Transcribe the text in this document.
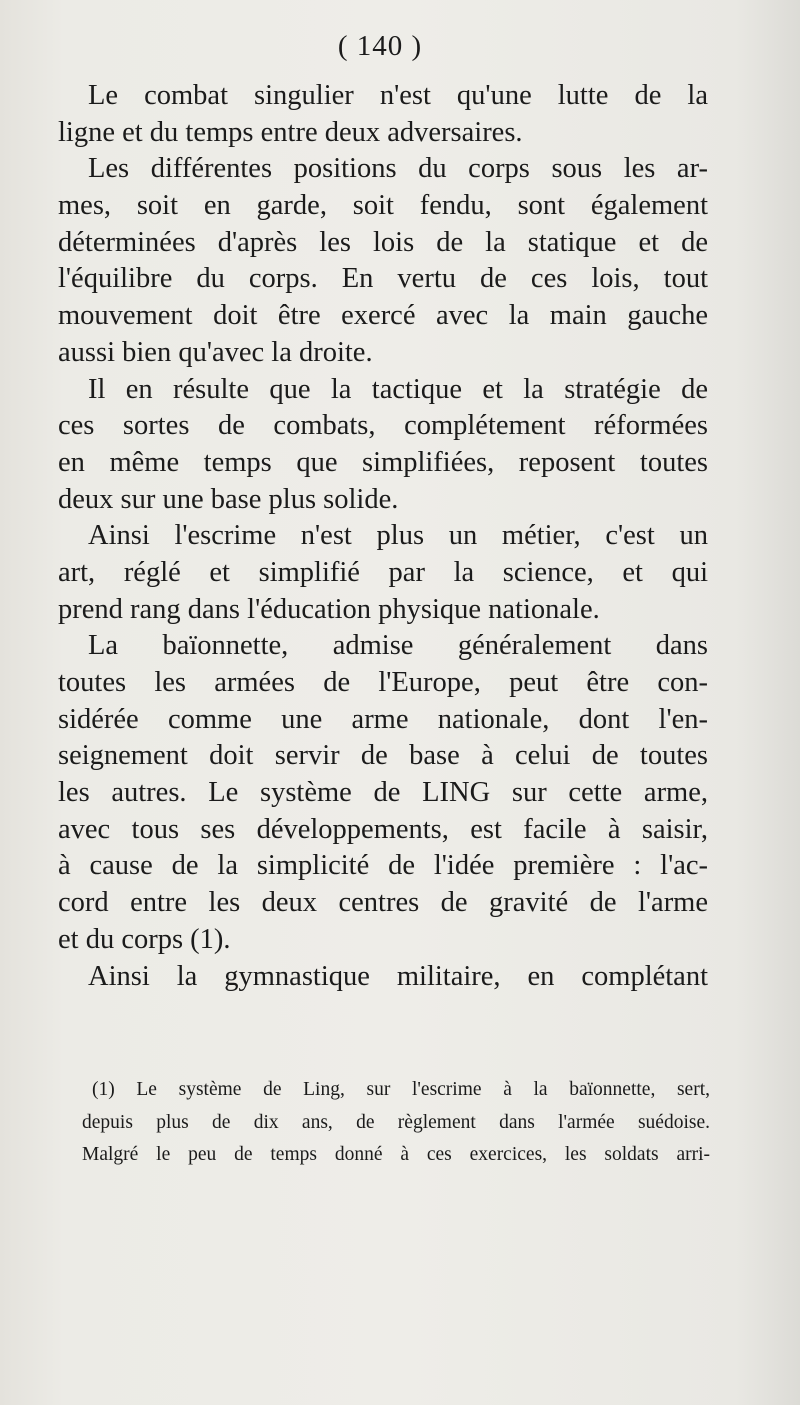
( 140 )
Le combat singulier n'est qu'une lutte de la
ligne et du temps entre deux adversaires.
Les différentes positions du corps sous les ar-
mes, soit en garde, soit fendu, sont également
déterminées d'après les lois de la statique et de
l'équilibre du corps. En vertu de ces lois, tout
mouvement doit être exercé avec la main gauche
aussi bien qu'avec la droite.
Il en résulte que la tactique et la stratégie de
ces sortes de combats, complétement réformées
en même temps que simplifiées, reposent toutes
deux sur une base plus solide.
Ainsi l'escrime n'est plus un métier, c'est un
art, réglé et simplifié par la science, et qui
prend rang dans l'éducation physique nationale.
La baïonnette, admise généralement dans
toutes les armées de l'Europe, peut être con-
sidérée comme une arme nationale, dont l'en-
seignement doit servir de base à celui de toutes
les autres. Le système de LING sur cette arme,
avec tous ses développements, est facile à saisir,
à cause de la simplicité de l'idée première : l'ac-
cord entre les deux centres de gravité de l'arme
et du corps (1).
Ainsi la gymnastique militaire, en complétant
(1) Le système de Ling, sur l'escrime à la baïonnette, sert,
depuis plus de dix ans, de règlement dans l'armée suédoise.
Malgré le peu de temps donné à ces exercices, les soldats arri-
